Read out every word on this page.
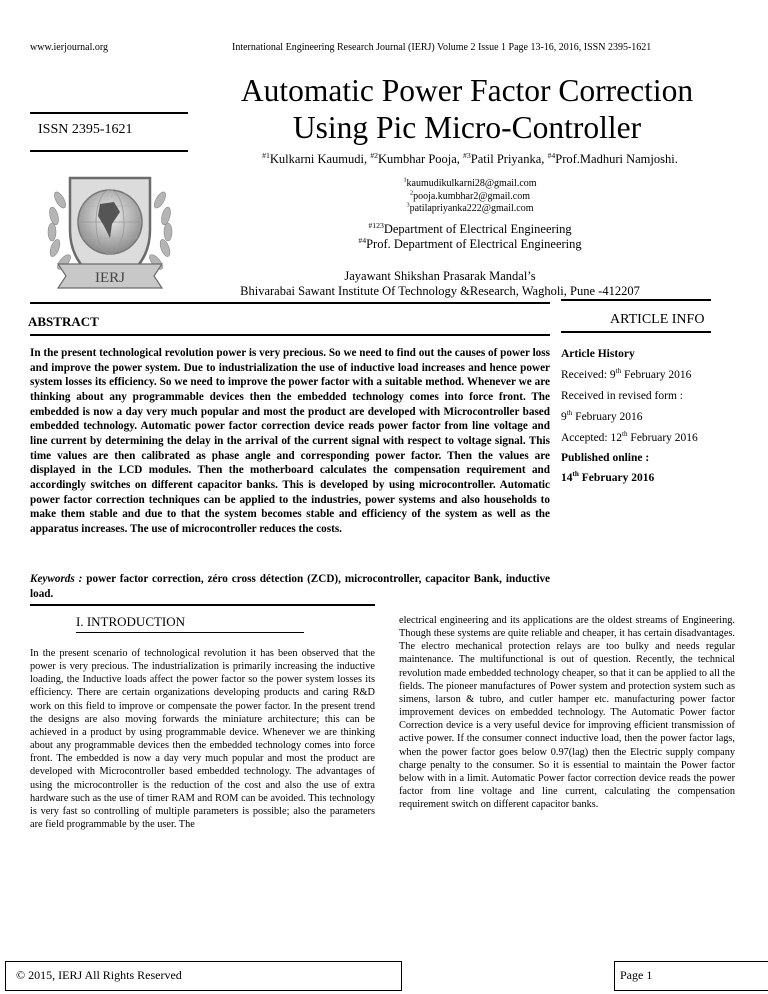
www.ierjournal.org	International Engineering Research Journal (IERJ) Volume 2 Issue 1 Page 13-16, 2016, ISSN 2395-1621
Automatic Power Factor Correction
Using Pic Micro-Controller
ISSN 2395-1621
IERJ
$^{\#1}$Kulkarni Kaumudi, $^{\#2}$Kumbhar Pooja, $^{\#3}$Patil Priyanka, $^{\#4}$Prof.Madhuri Namjoshi.
$^1$kaumudikulkarni28@gmail.com
$^2$pooja.kumbhar2@gmail.com
$^3$patilapriyanka222@gmail.com
$^{\#123}$Department of Electrical Engineering
$^{\#4}$Prof. Department of Electrical Engineering
Jayawant Shikshan Prasarak Mandal’s
Bhivarabai Sawant Institute Of Technology &Research, Wagholi, Pune -412207
ABSTRACT	ARTICLE INFO
In the present technological revolution power is very precious. So we need to find out the causes of power loss and improve the power system. Due to industrialization the use of inductive load increases and hence power system losses its efficiency. So we need to improve the power factor with a suitable method. Whenever we are thinking about any programmable devices then the embedded technology comes into force front. The embedded is now a day very much popular and most the product are developed with Microcontroller based embedded technology. Automatic power factor correction device reads power factor from line voltage and line current by determining the delay in the arrival of the current signal with respect to voltage signal. This time values are then calibrated as phase angle and corresponding power factor. Then the values are displayed in the LCD modules. Then the motherboard calculates the compensation requirement and accordingly switches on different capacitor banks. This is developed by using microcontroller. Automatic power factor correction techniques can be applied to the industries, power systems and also households to make them stable and due to that the system becomes stable and efficiency of the system as well as the apparatus increases. The use of microcontroller reduces the costs.
Article History
Received: 9th February 2016
Received in revised form :
9th February 2016
Accepted: 12th February 2016
Published online :
14th February 2016
Keywords : power factor correction, zéro cross détection (ZCD), microcontroller, capacitor Bank, inductive load.
I. INTRODUCTION
In the present scenario of technological revolution it has been observed that the power is very precious. The industrialization is primarily increasing the inductive loading, the Inductive loads affect the power factor so the power system losses its efficiency. There are certain organizations developing products and caring R&D work on this field to improve or compensate the power factor. In the present trend the designs are also moving forwards the miniature architecture; this can be achieved in a product by using programmable device. Whenever we are thinking about any programmable devices then the embedded technology comes into force front. The embedded is now a day very much popular and most the product are developed with Microcontroller based embedded technology. The advantages of using the microcontroller is the reduction of the cost and also the use of extra hardware such as the use of timer RAM and ROM can be avoided. This technology is very fast so controlling of multiple parameters is possible; also the parameters are field programmable by the user. The
electrical engineering and its applications are the oldest streams of Engineering. Though these systems are quite reliable and cheaper, it has certain disadvantages. The electro mechanical protection relays are too bulky and needs regular maintenance. The multifunctional is out of question. Recently, the technical revolution made embedded technology cheaper, so that it can be applied to all the fields. The pioneer manufactures of Power system and protection system such as simens, larson & tubro, and cutler hamper etc. manufacturing power factor improvement devices on embedded technology. The Automatic Power factor Correction device is a very useful device for improving efficient transmission of active power. If the consumer connect inductive load, then the power factor lags, when the power factor goes below 0.97(lag) then the Electric supply company charge penalty to the consumer. So it is essential to maintain the Power factor below with in a limit. Automatic Power factor correction device reads the power factor from line voltage and line current, calculating the compensation requirement switch on different capacitor banks.
© 2015, IERJ All Rights Reserved	Page 1
